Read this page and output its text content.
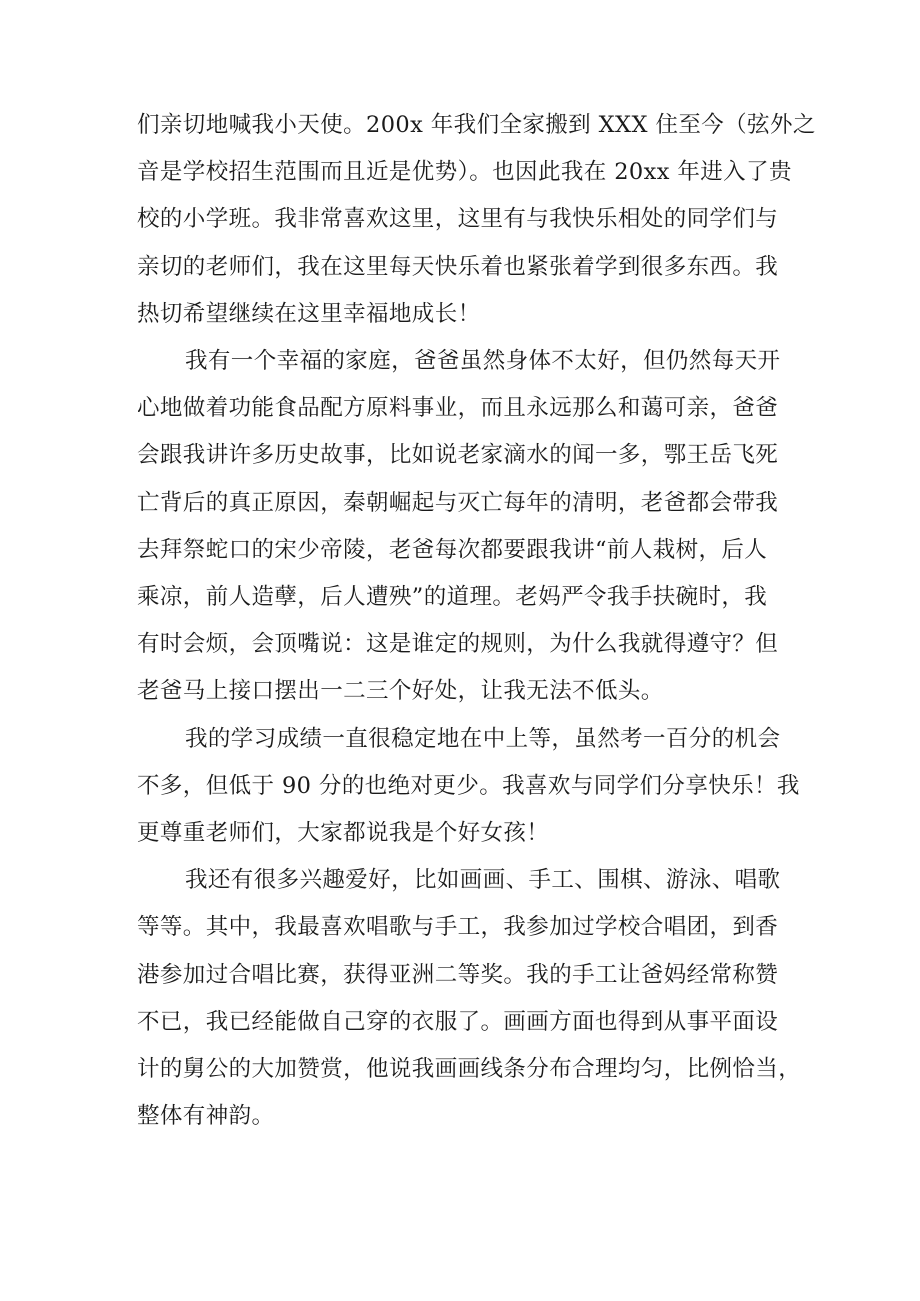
们亲切地喊我小天使。200x 年我们全家搬到 XXX 住至今（弦外之
音是学校招生范围而且近是优势）。也因此我在 20xx 年进入了贵
校的小学班。我非常喜欢这里，这里有与我快乐相处的同学们与
亲切的老师们，我在这里每天快乐着也紧张着学到很多东西。我
热切希望继续在这里幸福地成长！

我有一个幸福的家庭，爸爸虽然身体不太好，但仍然每天开
心地做着功能食品配方原料事业，而且永远那么和蔼可亲，爸爸
会跟我讲许多历史故事，比如说老家滴水的闻一多，鄂王岳飞死
亡背后的真正原因，秦朝崛起与灭亡每年的清明，老爸都会带我
去拜祭蛇口的宋少帝陵，老爸每次都要跟我讲“前人栽树，后人
乘凉，前人造孽，后人遭殃”的道理。老妈严令我手扶碗时，我
有时会烦，会顶嘴说：这是谁定的规则，为什么我就得遵守？但
老爸马上接口摆出一二三个好处，让我无法不低头。

我的学习成绩一直很稳定地在中上等，虽然考一百分的机会
不多，但低于 90 分的也绝对更少。我喜欢与同学们分享快乐！我
更尊重老师们，大家都说我是个好女孩！

我还有很多兴趣爱好，比如画画、手工、围棋、游泳、唱歌
等等。其中，我最喜欢唱歌与手工，我参加过学校合唱团，到香
港参加过合唱比赛，获得亚洲二等奖。我的手工让爸妈经常称赞
不已，我已经能做自己穿的衣服了。画画方面也得到从事平面设
计的舅公的大加赞赏，他说我画画线条分布合理均匀，比例恰当，
整体有神韵。
